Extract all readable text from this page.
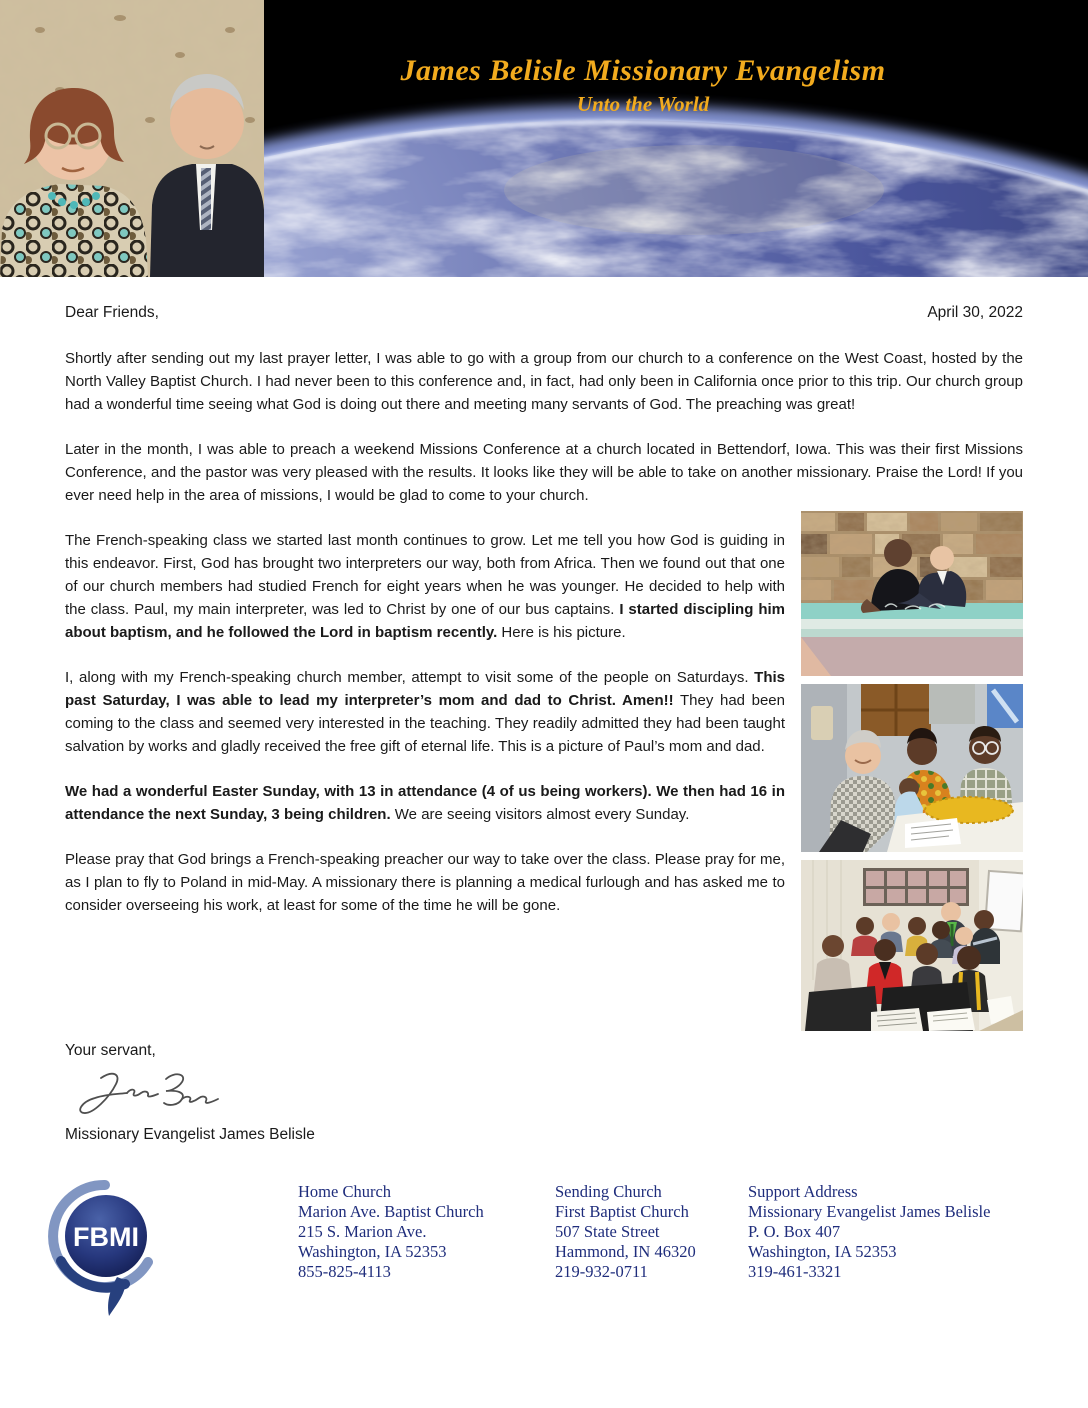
James Belisle Missionary Evangelism
Unto the World
Dear Friends,	April 30, 2022

Shortly after sending out my last prayer letter, I was able to go with a group from our church to a conference on the West Coast, hosted by the North Valley Baptist Church. I had never been to this conference and, in fact, had only been in California once prior to this trip. Our church group had a wonderful time seeing what God is doing out there and meeting many servants of God. The preaching was great!

Later in the month, I was able to preach a weekend Missions Conference at a church located in Bettendorf, Iowa. This was their first Missions Conference, and the pastor was very pleased with the results. It looks like they will be able to take on another missionary. Praise the Lord! If you ever need help in the area of missions, I would be glad to come to your church.

The French-speaking class we started last month continues to grow. Let me tell you how God is guiding in this endeavor. First, God has brought two interpreters our way, both from Africa. Then we found out that one of our church members had studied French for eight years when he was younger. He decided to help with the class. Paul, my main interpreter, was led to Christ by one of our bus captains. I started discipling him about baptism, and he followed the Lord in baptism recently. Here is his picture.

I, along with my French-speaking church member, attempt to visit some of the people on Saturdays. This past Saturday, I was able to lead my interpreter’s mom and dad to Christ. Amen!! They had been coming to the class and seemed very interested in the teaching. They readily admitted they had been taught salvation by works and gladly received the free gift of eternal life. This is a picture of Paul’s mom and dad.

We had a wonderful Easter Sunday, with 13 in attendance (4 of us being workers). We then had 16 in attendance the next Sunday, 3 being children. We are seeing visitors almost every Sunday.

Please pray that God brings a French-speaking preacher our way to take over the class. Please pray for me, as I plan to fly to Poland in mid-May. A missionary there is planning a medical furlough and has asked me to consider overseeing his work, at least for some of the time he will be gone.

Your servant,
Missionary Evangelist James Belisle
FBMI
Home Church
Marion Ave. Baptist Church
215 S. Marion Ave.
Washington, IA 52353
855-825-4113
Sending Church
First Baptist Church
507 State Street
Hammond, IN 46320
219-932-0711
Support Address
Missionary Evangelist James Belisle
P. O. Box 407
Washington, IA 52353
319-461-3321
